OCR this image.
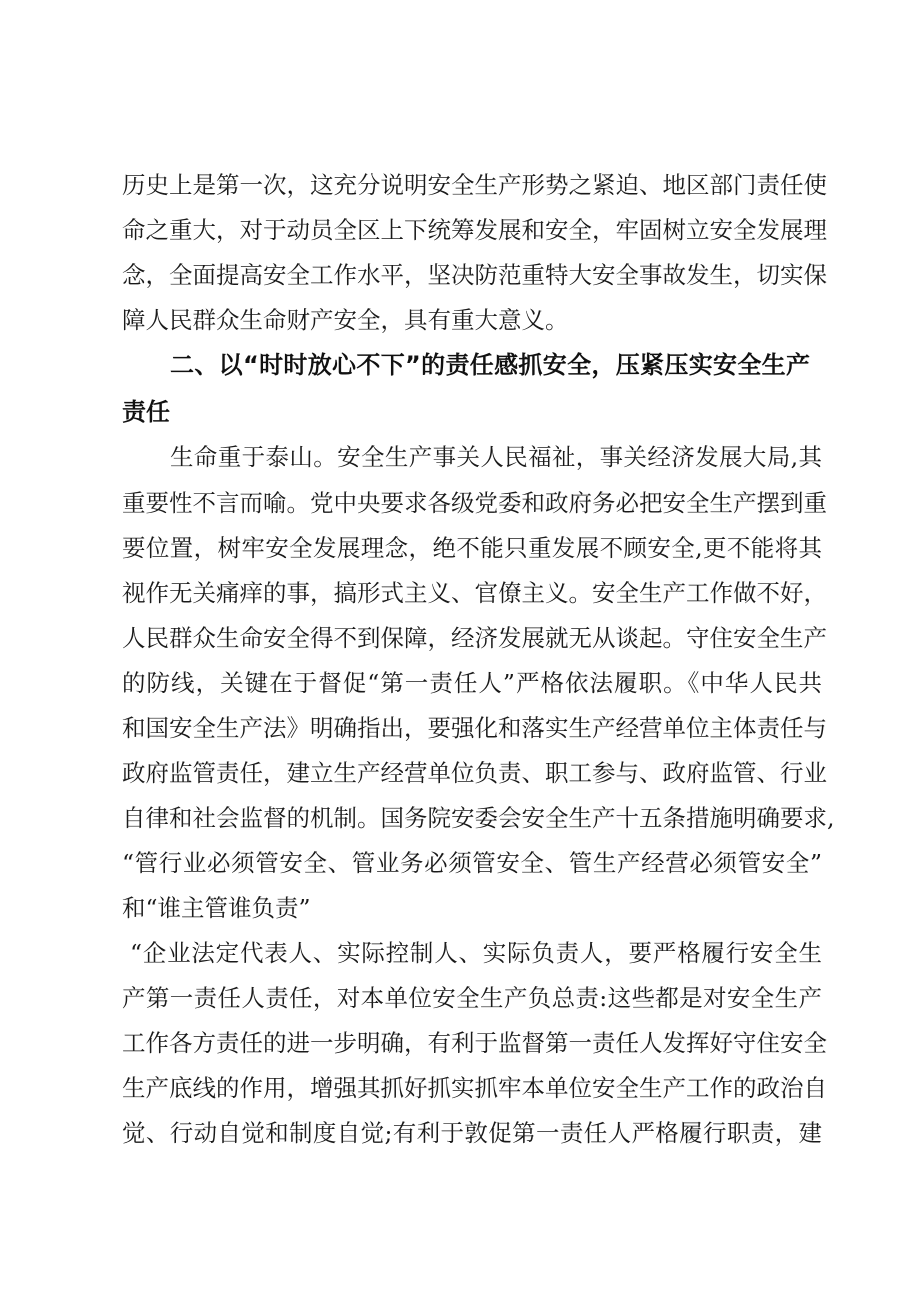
历史上是第一次，这充分说明安全生产形势之紧迫、地区部门责任使
命之重大，对于动员全区上下统筹发展和安全，牢固树立安全发展理
念，全面提高安全工作水平，坚决防范重特大安全事故发生，切实保
障人民群众生命财产安全，具有重大意义。
二、以“时时放心不下”的责任感抓安全，压紧压实安全生产
责任
生命重于泰山。安全生产事关人民福祉，事关经济发展大局,其
重要性不言而喻。党中央要求各级党委和政府务必把安全生产摆到重
要位置，树牢安全发展理念，绝不能只重发展不顾安全,更不能将其
视作无关痛痒的事，搞形式主义、官僚主义。安全生产工作做不好，
人民群众生命安全得不到保障，经济发展就无从谈起。守住安全生产
的防线，关键在于督促“第一责任人”严格依法履职。《中华人民共
和国安全生产法》明确指出，要强化和落实生产经营单位主体责任与
政府监管责任，建立生产经营单位负责、职工参与、政府监管、行业
自律和社会监督的机制。国务院安委会安全生产十五条措施明确要求,
“管行业必须管安全、管业务必须管安全、管生产经营必须管安全”
和“谁主管谁负责”
“企业法定代表人、实际控制人、实际负责人，要严格履行安全生
产第一责任人责任，对本单位安全生产负总责:这些都是对安全生产
工作各方责任的进一步明确，有利于监督第一责任人发挥好守住安全
生产底线的作用，增强其抓好抓实抓牢本单位安全生产工作的政治自
觉、行动自觉和制度自觉;有利于敦促第一责任人严格履行职责，建
